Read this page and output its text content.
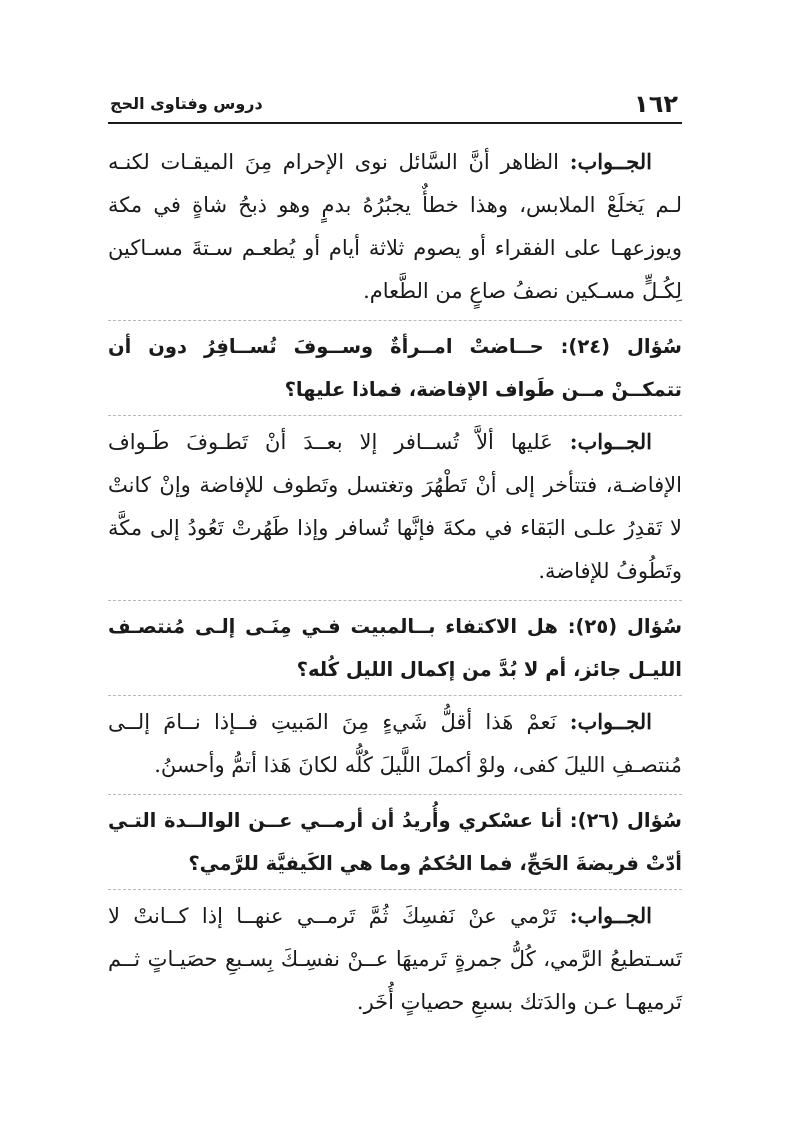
١٦٢
دروس وفتاوى الحج

الجــواب: الظاهر أنَّ السَّائل نوى الإحرام مِنَ الميقـات لكنـه لـم يَخلَعْ الملابس، وهذا خطأٌ يجبُرُهُ بدمٍ وهو ذبحُ شاةٍ في مكة ويوزعهـا على الفقراء أو يصوم ثلاثة أيام أو يُطعـم سـتةَ مسـاكين لِكُـلٍّ مسـكين نصفُ صاعٍ من الطَّعام.

سُؤال (٢٤): حــاضتْ امــرأةٌ وســوفَ تُســافِرُ دون أن تتمكــنْ مــن طَواف الإفاضة، فماذا عليها؟

الجــواب: عَليها ألاَّ تُســافر إلا بعــدَ أنْ تَطـوفَ طَـواف الإفاضـة، فتتأخر إلى أنْ تَطْهُرَ وتغتسل وتَطوف للإفاضة وإنْ كانتْ لا تَقدِرُ علـى البَقاء في مكةَ فإنَّها تُسافر وإذا طَهُرتْ تَعُودُ إلى مكَّة وتَطُوفُ للإفاضة.

سُؤال (٢٥): هل الاكتفاء بــالمبيت فـي مِنَـى إلـى مُنتصـف الليـل جائز، أم لا بُدَّ من إكمال الليل كُله؟

الجــواب: نَعمْ هَذا أقلُّ شَيءٍ مِنَ المَبيتِ فــإذا نــامَ إلــى مُنتصـفِ الليلَ كفى، ولوْ أكملَ اللَّيلَ كُلُّه لكانَ هَذا أتمُّ وأحسنُ.

سُؤال (٢٦): أنا عسْكري وأُريدُ أن أرمــي عــن الوالــدة التـي أدّتْ فريضةَ الحَجِّ، فما الحُكمُ وما هي الكَيفيَّة للرَّمي؟

الجــواب: تَرْمي عنْ نَفسِكَ ثُمَّ تَرمــي عنهــا إذا كــانتْ لا تَسـتطيعُ الرَّمي، كُلُّ جمرةٍ تَرميهَا عــنْ نفسِـكَ بِسـبعِ حصَيـاتٍ ثــم تَرميهـا عـن والدَتك بسبعِ حصياتٍ أُخَر.
